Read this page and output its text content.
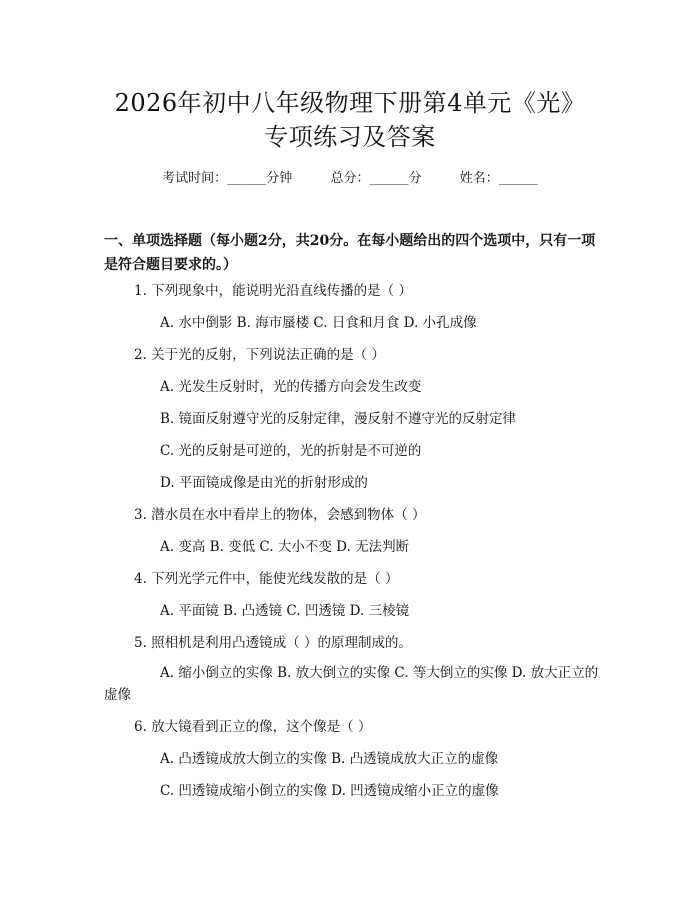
2026年初中八年级物理下册第4单元《光》
专项练习及答案
考试时间：______分钟	总分：______分	姓名：______
一、单项选择题（每小题2分，共20分。在每小题给出的四个选项中，只有一项是符合题目要求的。）
1. 下列现象中，能说明光沿直线传播的是（ ）
A. 水中倒影 B. 海市蜃楼 C. 日食和月食 D. 小孔成像
2. 关于光的反射，下列说法正确的是（ ）
A. 光发生反射时，光的传播方向会发生改变
B. 镜面反射遵守光的反射定律，漫反射不遵守光的反射定律
C. 光的反射是可逆的，光的折射是不可逆的
D. 平面镜成像是由光的折射形成的
3. 潜水员在水中看岸上的物体，会感到物体（ ）
A. 变高 B. 变低 C. 大小不变 D. 无法判断
4. 下列光学元件中，能使光线发散的是（ ）
A. 平面镜 B. 凸透镜 C. 凹透镜 D. 三棱镜
5. 照相机是利用凸透镜成（ ）的原理制成的。
A. 缩小倒立的实像 B. 放大倒立的实像 C. 等大倒立的实像 D. 放大正立的虚像
6. 放大镜看到正立的像，这个像是（ ）
A. 凸透镜成放大倒立的实像 B. 凸透镜成放大正立的虚像
C. 凹透镜成缩小倒立的实像 D. 凹透镜成缩小正立的虚像
